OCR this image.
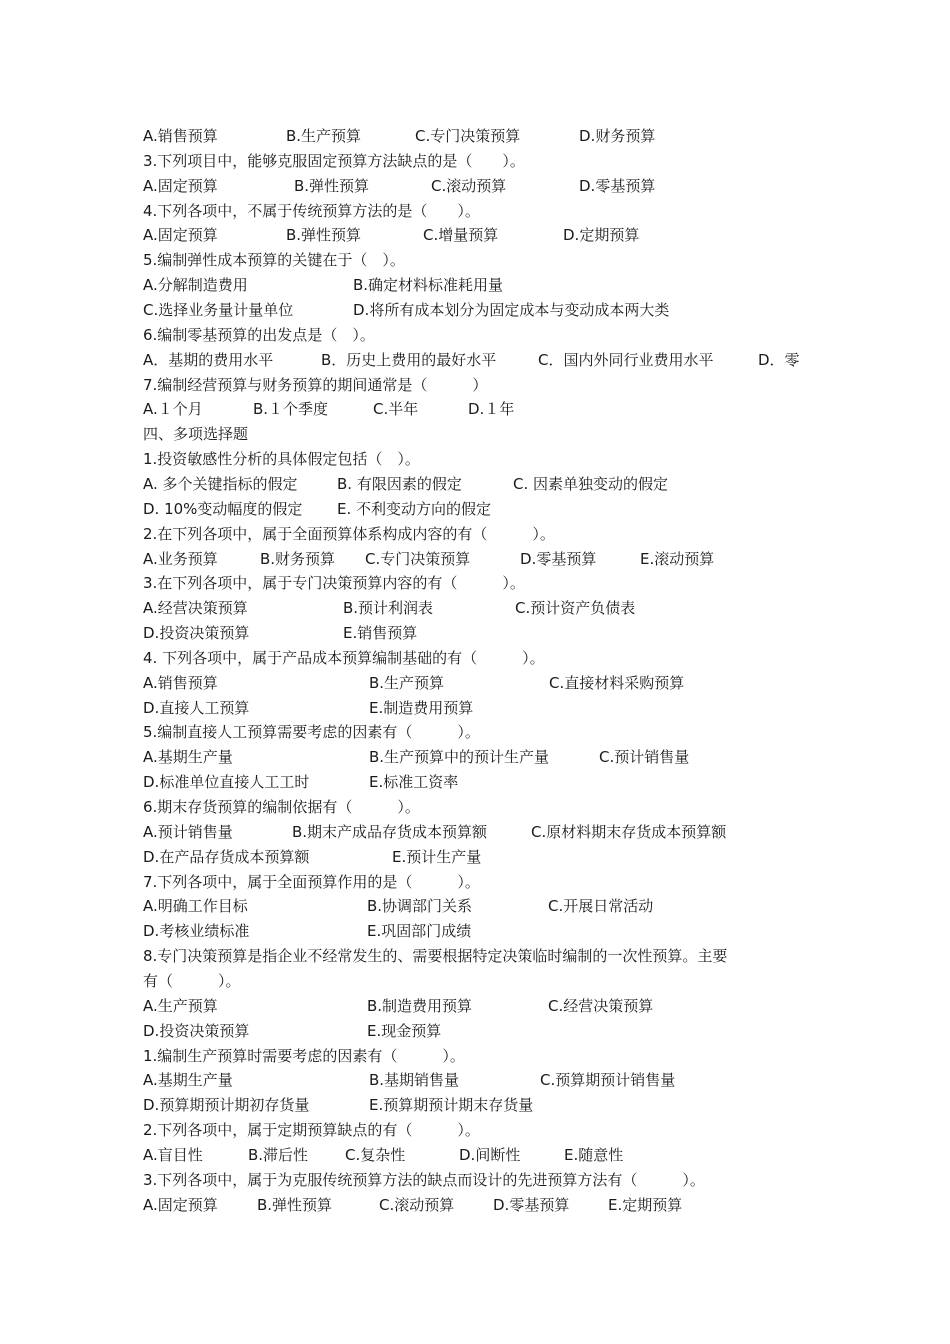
A.销售预算	B.生产预算	C.专门决策预算	D.财务预算
3.下列项目中，能够克服固定预算方法缺点的是（　　）。
A.固定预算	B.弹性预算	C.滚动预算	D.零基预算
4.下列各项中，不属于传统预算方法的是（　　）。
A.固定预算	B.弹性预算	C.增量预算	D.定期预算
5.编制弹性成本预算的关键在于（　）。
A.分解制造费用	B.确定材料标准耗用量
C.选择业务量计量单位	D.将所有成本划分为固定成本与变动成本两大类
6.编制零基预算的出发点是（　）。
A．基期的费用水平	B．历史上费用的最好水平	C．国内外同行业费用水平	D．零
7.编制经营预算与财务预算的期间通常是（　　　）
A.１个月	B.１个季度	C.半年	D.１年
四、多项选择题
1.投资敏感性分析的具体假定包括（　）。
A. 多个关键指标的假定	B. 有限因素的假定	C. 因素单独变动的假定
D. 10%变动幅度的假定 E. 不利变动方向的假定
2.在下列各项中，属于全面预算体系构成内容的有（　　　）。
A.业务预算	B.财务预算 C.专门决策预算	D.零基预算	E.滚动预算
3.在下列各项中，属于专门决策预算内容的有（　　　）。
A.经营决策预算	B.预计利润表	C.预计资产负债表
D.投资决策预算	E.销售预算
4. 下列各项中，属于产品成本预算编制基础的有（　　　）。
A.销售预算	B.生产预算	C.直接材料采购预算
D.直接人工预算	E.制造费用预算
5.编制直接人工预算需要考虑的因素有（　　　）。
A.基期生产量	B.生产预算中的预计生产量	C.预计销售量
D.标准单位直接人工工时	E.标准工资率
6.期末存货预算的编制依据有（　　　）。
A.预计销售量	B.期末产成品存货成本预算额	C.原材料期末存货成本预算额
D.在产品存货成本预算额	E.预计生产量
7.下列各项中，属于全面预算作用的是（　　　）。
A.明确工作目标	B.协调部门关系	C.开展日常活动
D.考核业绩标准	E.巩固部门成绩
8.专门决策预算是指企业不经常发生的、需要根据特定决策临时编制的一次性预算。主要
有（　　　）。
A.生产预算	B.制造费用预算	C.经营决策预算
D.投资决策预算	E.现金预算
1.编制生产预算时需要考虑的因素有（　　　）。
A.基期生产量	B.基期销售量	C.预算期预计销售量
D.预算期预计期初存货量	E.预算期预计期末存货量
2.下列各项中，属于定期预算缺点的有（　　　）。
A.盲目性	B.滞后性 C.复杂性	D.间断性	E.随意性
3.下列各项中，属于为克服传统预算方法的缺点而设计的先进预算方法有（　　　）。
A.固定预算	B.弹性预算	C.滚动预算	D.零基预算	E.定期预算
